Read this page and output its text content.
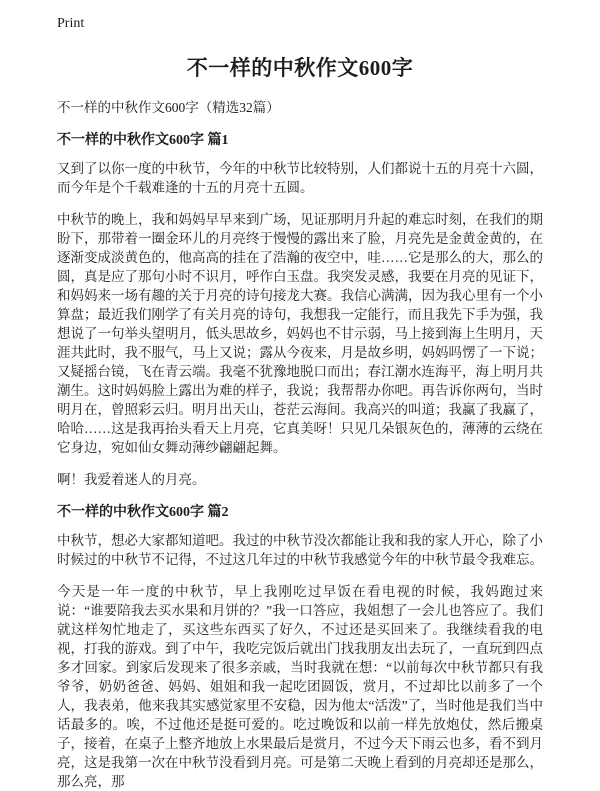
Print
不一样的中秋作文600字

不一样的中秋作文600字（精选32篇）

不一样的中秋作文600字 篇1

又到了以你一度的中秋节，今年的中秋节比较特别，人们都说十五的月亮十六圆，而今年是个千载难逢的十五的月亮十五圆。

中秋节的晚上，我和妈妈早早来到广场，见证那明月升起的难忘时刻，在我们的期盼下，那带着一圈金环儿的月亮终于慢慢的露出来了脸，月亮先是金黄金黄的，在逐渐变成淡黄色的，他高高的挂在了浩瀚的夜空中，哇……它是那么的大，那么的圆，真是应了那句小时不识月，呼作白玉盘。我突发灵感，我要在月亮的见证下，和妈妈来一场有趣的关于月亮的诗句接龙大赛。我信心满满，因为我心里有一个小算盘；最近我们刚学了有关月亮的诗句，我想我一定能行，而且我先下手为强，我想说了一句举头望明月，低头思故乡，妈妈也不甘示弱，马上接到海上生明月，天涯共此时，我不服气，马上又说；露从今夜来，月是故乡明，妈妈吗愣了一下说；又疑摇台镜，飞在青云端。我毫不犹豫地脱口而出；春江潮水连海平，海上明月共潮生。这时妈妈脸上露出为难的样子，我说；我帮帮办你吧。再告诉你两句，当时明月在，曾照彩云归。明月出天山，苍茫云海间。我高兴的叫道；我赢了我赢了，哈哈……这是我再抬头看天上月亮，它真美呀！只见几朵银灰色的，薄薄的云绕在它身边，宛如仙女舞动薄纱翩翩起舞。

啊！我爱着迷人的月亮。

不一样的中秋作文600字 篇2

中秋节，想必大家都知道吧。我过的中秋节没次都能让我和我的家人开心，除了小时候过的中秋节不记得，不过这几年过的中秋节我感觉今年的中秋节最令我难忘。

今天是一年一度的中秋节，早上我刚吃过早饭在看电视的时候，我妈跑过来说：“谁要陪我去买水果和月饼的？”我一口答应，我姐想了一会儿也答应了。我们就这样匆忙地走了，买这些东西买了好久，不过还是买回来了。我继续看我的电视，打我的游戏。到了中午，我吃完饭后就出门找我朋友出去玩了，一直玩到四点多才回家。到家后发现来了很多亲戚，当时我就在想：“以前每次中秋节都只有我爷爷，奶奶爸爸、妈妈、姐姐和我一起吃团圆饭，赏月，不过却比以前多了一个人，我表弟，他来我其实感觉家里不安稳，因为他太“活泼”了，当时他是我们当中话最多的。唉，不过他还是挺可爱的。吃过晚饭和以前一样先放炮仗，然后搬桌子，接着，在桌子上整齐地放上水果最后是赏月，不过今天下雨云也多，看不到月亮，这是我第一次在中秋节没看到月亮。可是第二天晚上看到的月亮却还是那么，那么亮，那
